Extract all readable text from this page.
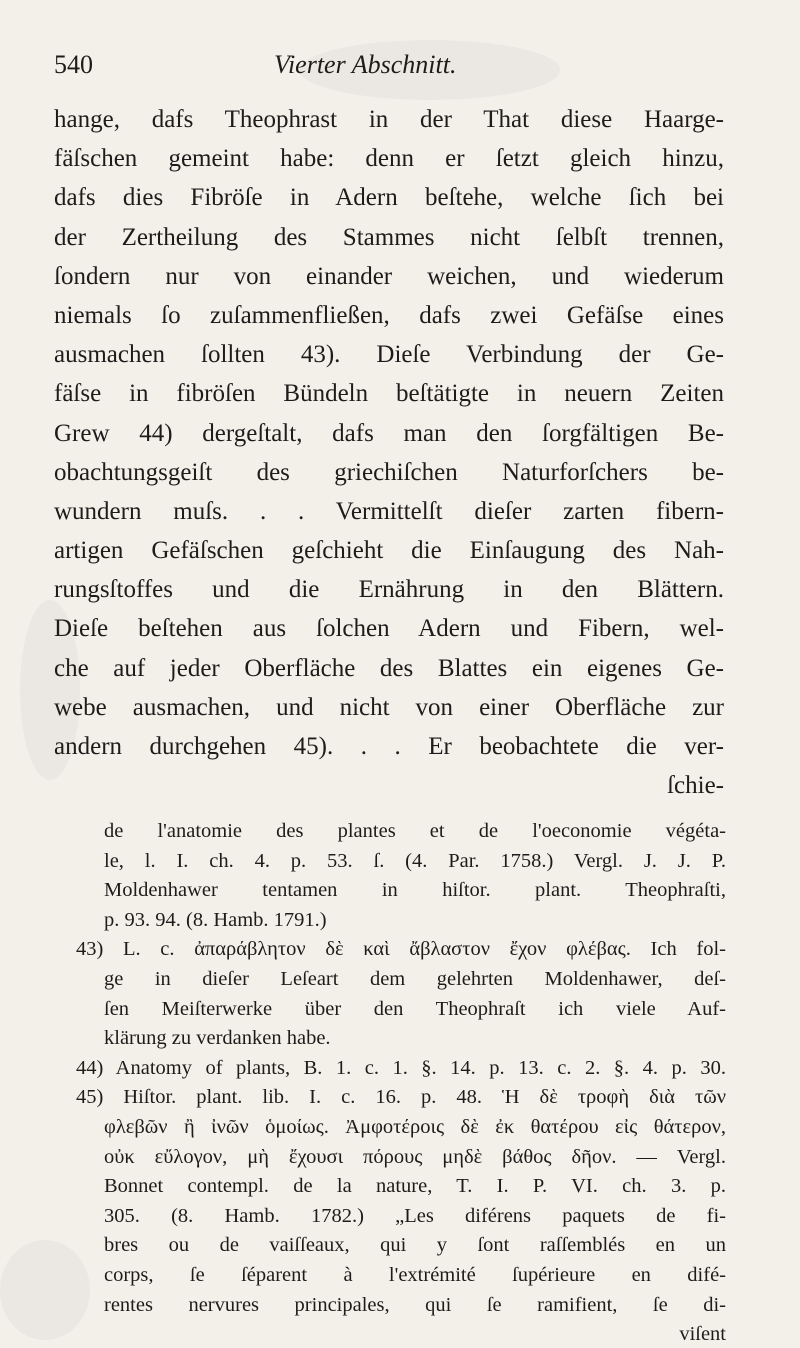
540	Vierter Abschnitt.
hange, dafs Theophrast in der That diese Haarge-
fäſschen gemeint habe: denn er ſetzt gleich hinzu,
dafs dies Fibröſe in Adern beſtehe, welche ſich bei
der Zertheilung des Stammes nicht ſelbſt trennen,
ſondern nur von einander weichen, und wiederum
niemals ſo zuſammenfließen, dafs zwei Gefäſse eines
ausmachen ſollten 43). Dieſe Verbindung der Ge-
fäſse in fibröſen Bündeln beſtätigte in neuern Zeiten
Grew 44) dergeſtalt, dafs man den ſorgfältigen Be-
obachtungsgeiſt des griechiſchen Naturforſchers be-
wundern muſs. . . Vermittelſt dieſer zarten fibern-
artigen Gefäſschen geſchieht die Einſaugung des Nah-
rungsſtoffes und die Ernährung in den Blättern.
Dieſe beſtehen aus ſolchen Adern und Fibern, wel-
che auf jeder Oberfläche des Blattes ein eigenes Ge-
webe ausmachen, und nicht von einer Oberfläche zur
andern durchgehen 45). . . Er beobachtete die ver-
ſchie-
de l'anatomie des plantes et de l'oeconomie végéta-
le, l. I. ch. 4. p. 53. ſ. (4. Par. 1758.) Vergl. J. J. P.
Moldenhawer tentamen in hiſtor. plant. Theophraſti,
p. 93. 94. (8. Hamb. 1791.)
43) L. c. ἀπαράβλητον δὲ καὶ ἄβλαστον ἔχον φλέβας. Ich fol-
ge in dieſer Leſeart dem gelehrten Moldenhawer, deſ-
ſen Meiſterwerke über den Theophraſt ich viele Auf-
klärung zu verdanken habe.
44) Anatomy of plants, B. 1. c. 1. §. 14. p. 13. c. 2. §. 4. p. 30.
45) Hiſtor. plant. lib. I. c. 16. p. 48. Ἡ δὲ τροφὴ διὰ τῶν
φλεβῶν ἢ ἰνῶν ὁμοίως. Ἀμφοτέροις δὲ ἐκ θατέρου εἰς θάτερον,
οὐκ εὔλογον, μὴ ἔχουσι πόρους μηδὲ βάθος δῆον. — Vergl.
Bonnet contempl. de la nature, T. I. P. VI. ch. 3. p.
305. (8. Hamb. 1782.) „Les diférens paquets de fi-
bres ou de vaiſſeaux, qui y ſont raſſemblés en un
corps, ſe ſéparent à l'extrémité ſupérieure en difé-
rentes nervures principales, qui ſe ramifient, ſe di-
viſent
